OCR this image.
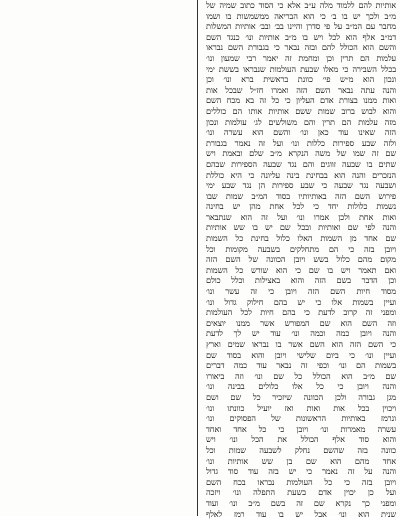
אותיות להם ללמוד מלה ע״ב אלא כי הסוד כתוב שמיה של
מ״ב ולכך יש בו ב׳ כי הוא הבריאה ממשמשות בו ושמו
מחבר עם המ״ב על פי סדרן והיינו בב׳ ובב׳ אותיות המשלות
דמ״ב אלף הוא לכל ויש בו מ״ב אותיות ונו׳ כנגד השם
והשם הוא הכולל להם ובזה נבאר כי בגבורת השם נבראו
עלמות הם תרין וכן ומחמת זה יאמר רבי שמעון ונו׳
בכלל השבירה כי מאלו שבעת העולמות שנבראו בששת ימי
ונכון הוא מ״ש פי׳ כוונת בראשית ברא ונו׳ וכן
והנה עתה נבאר השם הזה ואמרו חז״ל שבכל אות
ואות ממנו בצורת אדם העליון כי כל זה בא מכח השם
והוא לבוש ברוב שמות ששם אותיות אותו הם כוללים
מזה עלמות הם תרין והם משולשים לג׳ עולמות ונכון
הזה שאינו עוד כאן ונו׳ והשם הוא עשרה ונו׳
ולזה שבע ספירות כללות ונו׳ ועל זה נאמר בגבורת
שם זה שמו של משה הנקרא מ״ב שלם ובאמת ויש
שתים בו שבעה זווגים והם נגד שבעה הספירות שבהם
הנזכרים והנה הוא בבחינת בינה עליונה כי היא כוללת
ושבעה נגד שבעה כי שבע ספירות הן נגד שבע ימי
פירוש השם הזה באותיותיו בסוד המ״ב שמות שבו
נשמות כלולות יחד כי לכל אחת מהן יש בחינה
ואות אחת ולכן אמרו ונו׳ ועל זה הוא שנתבאר
והנה לפי שם ואותיות ובכל שם יש בו שש אותיות
שם אחד מן השמות האלו כלול בחינת כל השמות
ויובן בזה כי הם מתחלקים בשבעה מקומות וכל
מקום מהם כלול בשש ויובן הכוונה של השם הזה
ואם תאמר ויש בו שם כי הוא שורש כל השמות
וכן הדבר בשם הזה והוא באצילות וכלל כולם
מסוד חיות השם הזה ויובן כי זה עשר ונו׳
ועיין בשמות אלו כי יש בהם חילוק גדול ונו׳
ומפני זה קרוב לדעת כי בהם חיות לכל העולמות
וזה השם הוא שם המפורש אשר ממנו יוצאים
והנה ויובן כמה וכמה ונו׳ עוד יש לך לדעת
כי השם הזה הוא השם אשר בו נבראו שמים וארץ
ועיין ונו׳ כי ביום שלישי ויובן והוא בסוד שם
בשמות הם ונו׳ וכפי זה נבאר עוד כמה דברים
שם מ״ב הוא הכולל כל שם ונו׳ וזה ביאורו
והנה ויובן כי כל אלו כלולים בבינה ונו׳
מגן גבורה ולכן הכוונה שיזכיר כל שם ושם
ויכוין בכל אות ואות ואז יועיל כוונתו ונו׳
ונרמז באותיות הראשונות של הפסוקים ונו׳
עשרה מאמרות ונו׳ ויובן כי כל אחד ואחד
והוא סוד אלף הכולל את הכל ונו׳ ויש
כוונה בזה שהשם נחלק לשבעה שמות וכל
אחד מהם הוא שם בן שש אותיות ונו׳
והנה על זה נאמר כי יש בזה עוד סוד גדול
ויובן בזה כי כל העולמות נבראו בכח השם
ועל כן יכוין אדם בשעת התפלה ונו׳ ויזכה
ומפני כך נקרא שם זה בשם מ״ב ונו׳ ועוד
שנית הוא ונו׳ אבל יש בו עוד רמז לאלף
